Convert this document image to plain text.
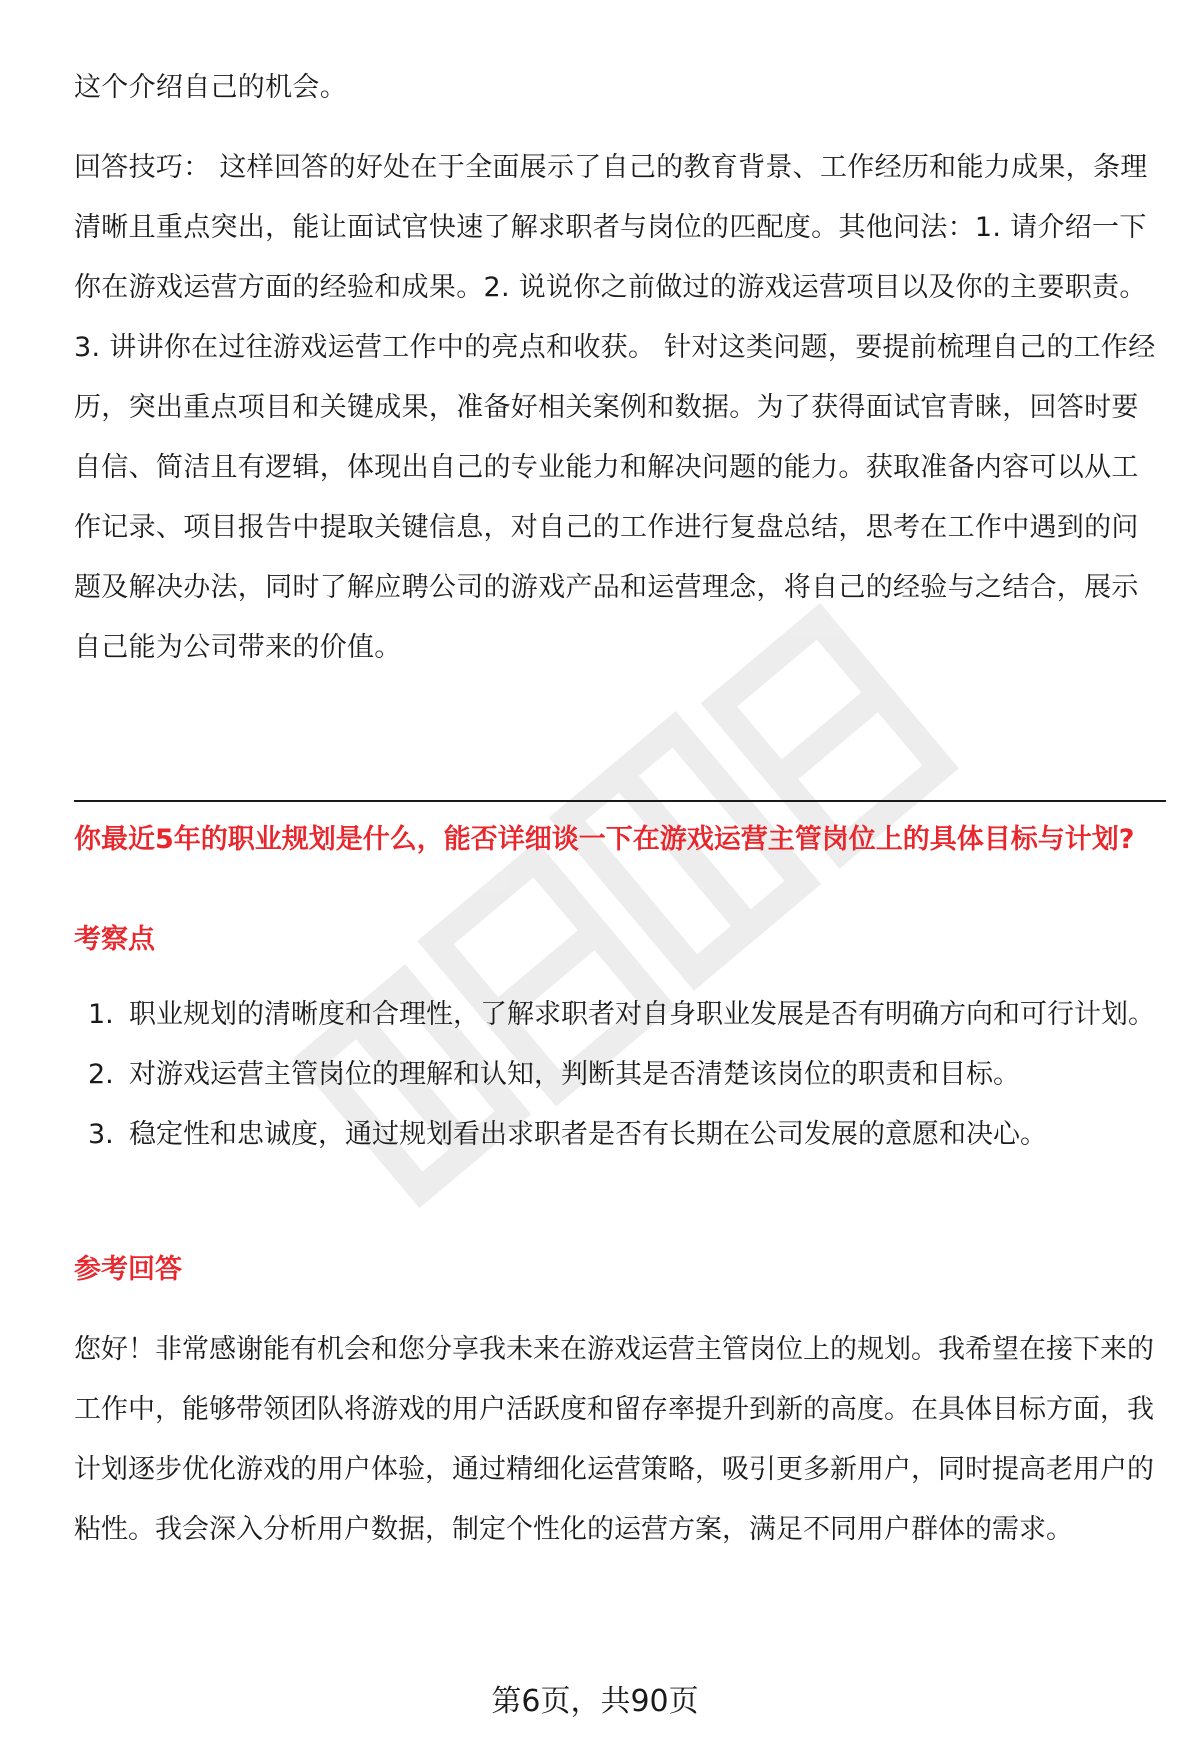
这个介绍自己的机会。

回答技巧： 这样回答的好处在于全面展示了自己的教育背景、工作经历和能力成果，条理清晰且重点突出，能让面试官快速了解求职者与岗位的匹配度。其他问法：1. 请介绍一下你在游戏运营方面的经验和成果。2. 说说你之前做过的游戏运营项目以及你的主要职责。3. 讲讲你在过往游戏运营工作中的亮点和收获。 针对这类问题，要提前梳理自己的工作经历，突出重点项目和关键成果，准备好相关案例和数据。为了获得面试官青睐，回答时要自信、简洁且有逻辑，体现出自己的专业能力和解决问题的能力。获取准备内容可以从工作记录、项目报告中提取关键信息，对自己的工作进行复盘总结，思考在工作中遇到的问题及解决办法，同时了解应聘公司的游戏产品和运营理念，将自己的经验与之结合，展示自己能为公司带来的价值。

你最近5年的职业规划是什么，能否详细谈一下在游戏运营主管岗位上的具体目标与计划?
考察点
1. 职业规划的清晰度和合理性，了解求职者对自身职业发展是否有明确方向和可行计划。
2. 对游戏运营主管岗位的理解和认知，判断其是否清楚该岗位的职责和目标。
3. 稳定性和忠诚度，通过规划看出求职者是否有长期在公司发展的意愿和决心。
参考回答

您好！非常感谢能有机会和您分享我未来在游戏运营主管岗位上的规划。我希望在接下来的工作中，能够带领团队将游戏的用户活跃度和留存率提升到新的高度。在具体目标方面，我计划逐步优化游戏的用户体验，通过精细化运营策略，吸引更多新用户，同时提高老用户的粘性。我会深入分析用户数据，制定个性化的运营方案，满足不同用户群体的需求。

第6页，共90页
